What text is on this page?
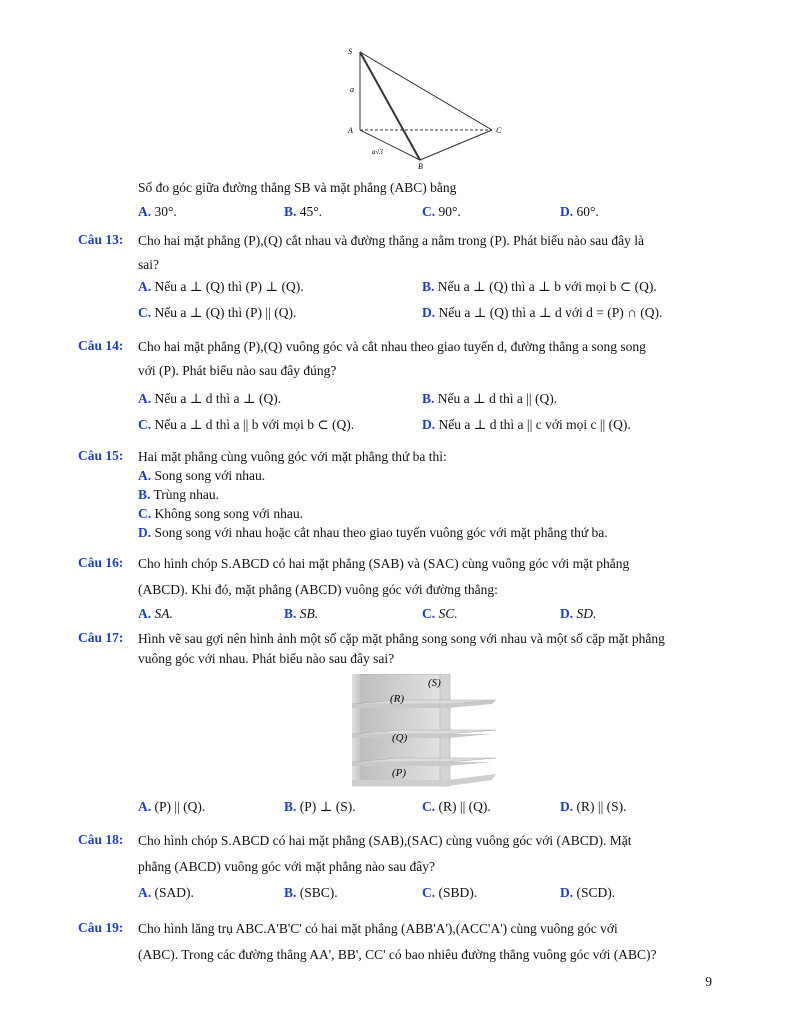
S
a
A	C
B
a√3
Số đo góc giữa đường thẳng SB và mặt phẳng (ABC) bằng
A. 30°.	B. 45°.	C. 90°.	D. 60°.
Câu 13: Cho hai mặt phẳng (P),(Q) cắt nhau và đường thẳng a nằm trong (P). Phát biểu nào sau đây là
sai?
A. Nếu a ⊥ (Q) thì (P) ⊥ (Q).	B. Nếu a ⊥ (Q) thì a ⊥ b với mọi b ⊂ (Q).
C. Nếu a ⊥ (Q) thì (P) || (Q).	D. Nếu a ⊥ (Q) thì a ⊥ d với d = (P) ∩ (Q).
Câu 14: Cho hai mặt phẳng (P),(Q) vuông góc và cắt nhau theo giao tuyến d, đường thẳng a song song
với (P). Phát biểu nào sau đây đúng?
A. Nếu a ⊥ d thì a ⊥ (Q).	B. Nếu a ⊥ d thì a || (Q).
C. Nếu a ⊥ d thì a || b với mọi b ⊂ (Q).	D. Nếu a ⊥ d thì a || c với mọi c || (Q).
Câu 15: Hai mặt phẳng cùng vuông góc với mặt phẳng thứ ba thì:
A. Song song với nhau.
B. Trùng nhau.
C. Không song song với nhau.
D. Song song với nhau hoặc cắt nhau theo giao tuyến vuông góc với mặt phẳng thứ ba.
Câu 16: Cho hình chóp S.ABCD có hai mặt phẳng (SAB) và (SAC) cùng vuông góc với mặt phẳng
(ABCD). Khi đó, mặt phẳng (ABCD) vuông góc với đường thẳng:
A. SA.	B. SB.	C. SC.	D. SD.
Câu 17: Hình vẽ sau gợi nên hình ảnh một số cặp mặt phẳng song song với nhau và một số cặp mặt phẳng
vuông góc với nhau. Phát biểu nào sau đây sai?
(S)
(R)
(Q)
(P)
A. (P) || (Q).	B. (P) ⊥ (S).	C. (R) || (Q).	D. (R) || (S).
Câu 18: Cho hình chóp S.ABCD có hai mặt phẳng (SAB),(SAC) cùng vuông góc với (ABCD). Mặt
phẳng (ABCD) vuông góc với mặt phẳng nào sau đây?
A. (SAD).	B. (SBC).	C. (SBD).	D. (SCD).
Câu 19: Cho hình lăng trụ ABC.A'B'C' có hai mặt phẳng (ABB'A'),(ACC'A') cùng vuông góc với
(ABC). Trong các đường thẳng AA', BB', CC' có bao nhiêu đường thẳng vuông góc với (ABC)?
9
